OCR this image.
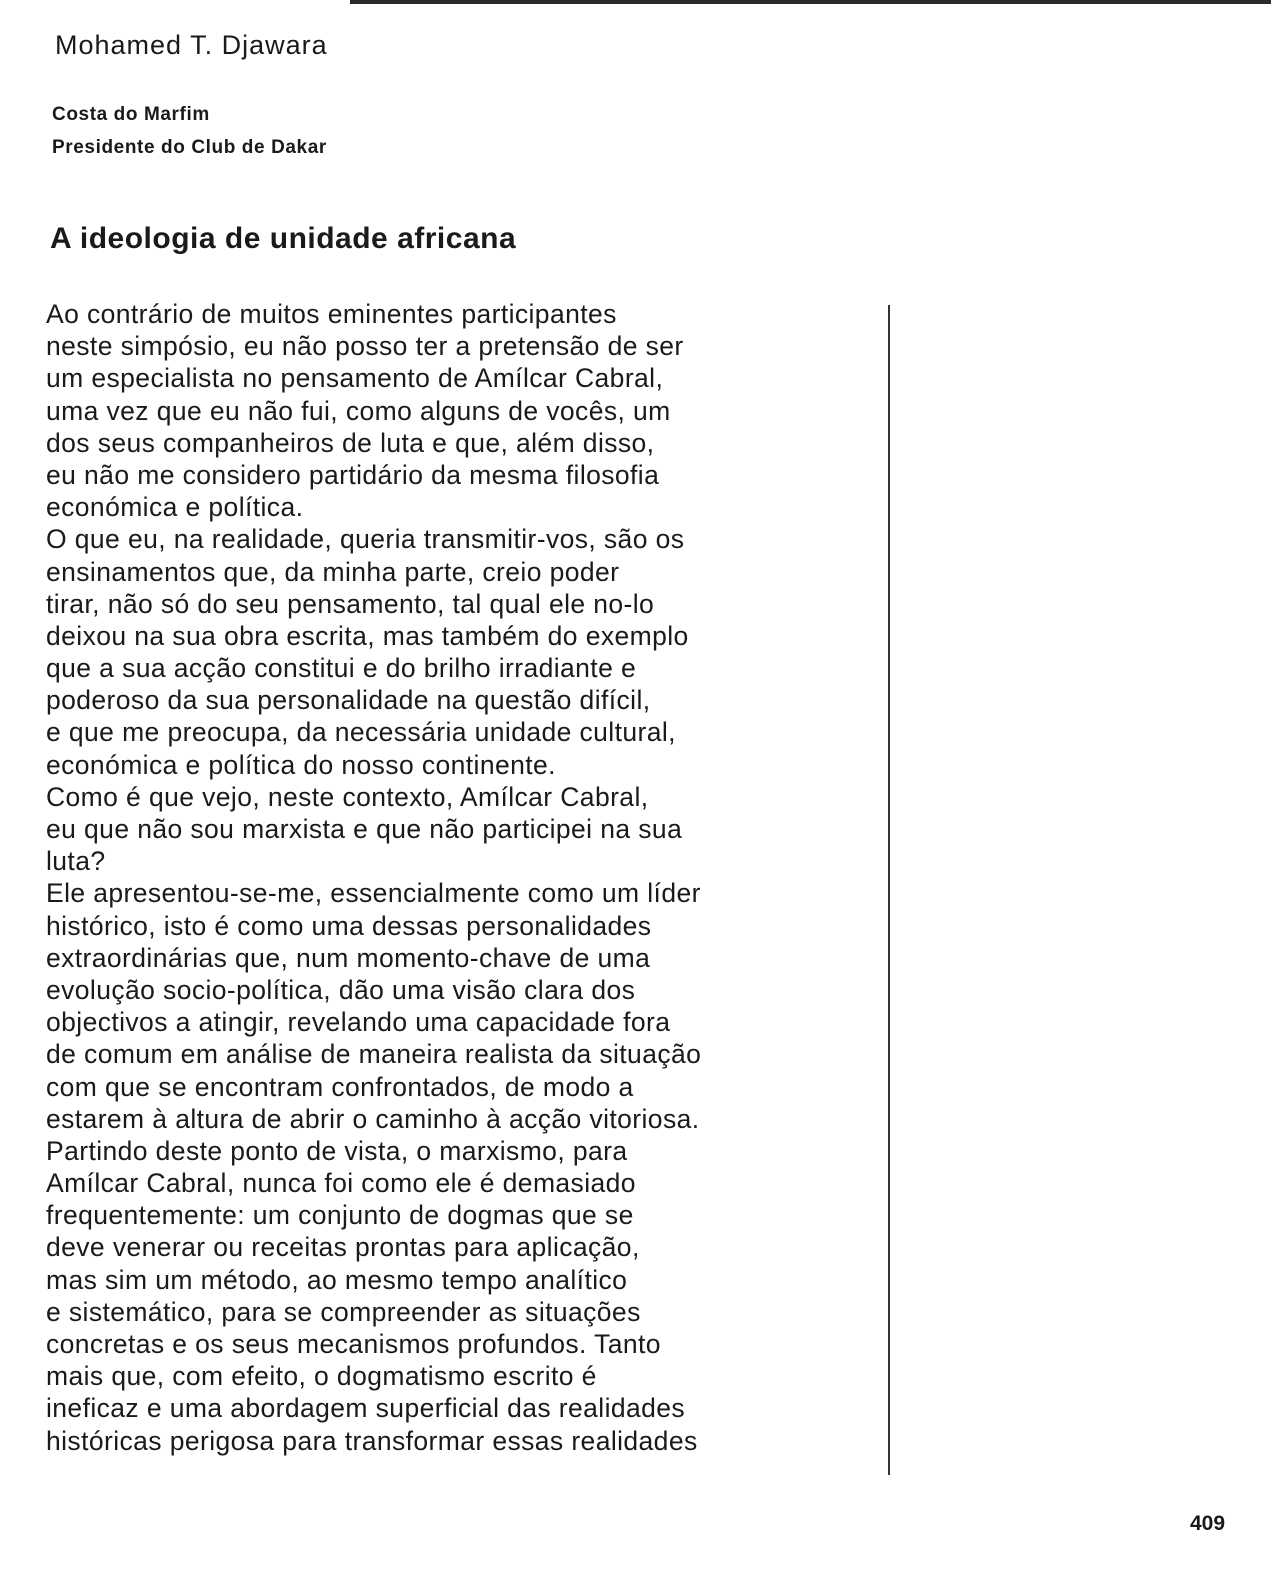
Mohamed T. Djawara
Costa do Marfim
Presidente do Club de Dakar
A ideologia de unidade africana
Ao contrário de muitos eminentes participantes
neste simpósio, eu não posso ter a pretensão de ser
um especialista no pensamento de Amílcar Cabral,
uma vez que eu não fui, como alguns de vocês, um
dos seus companheiros de luta e que, além disso,
eu não me considero partidário da mesma filosofia
económica e política.
O que eu, na realidade, queria transmitir-vos, são os
ensinamentos que, da minha parte, creio poder
tirar, não só do seu pensamento, tal qual ele no-lo
deixou na sua obra escrita, mas também do exemplo
que a sua acção constitui e do brilho irradiante e
poderoso da sua personalidade na questão difícil,
e que me preocupa, da necessária unidade cultural,
económica e política do nosso continente.
Como é que vejo, neste contexto, Amílcar Cabral,
eu que não sou marxista e que não participei na sua
luta?
Ele apresentou-se-me, essencialmente como um líder
histórico, isto é como uma dessas personalidades
extraordinárias que, num momento-chave de uma
evolução socio-política, dão uma visão clara dos
objectivos a atingir, revelando uma capacidade fora
de comum em análise de maneira realista da situação
com que se encontram confrontados, de modo a
estarem à altura de abrir o caminho à acção vitoriosa.
Partindo deste ponto de vista, o marxismo, para
Amílcar Cabral, nunca foi como ele é demasiado
frequentemente: um conjunto de dogmas que se
deve venerar ou receitas prontas para aplicação,
mas sim um método, ao mesmo tempo analítico
e sistemático, para se compreender as situações
concretas e os seus mecanismos profundos. Tanto
mais que, com efeito, o dogmatismo escrito é
ineficaz e uma abordagem superficial das realidades
históricas perigosa para transformar essas realidades
409
